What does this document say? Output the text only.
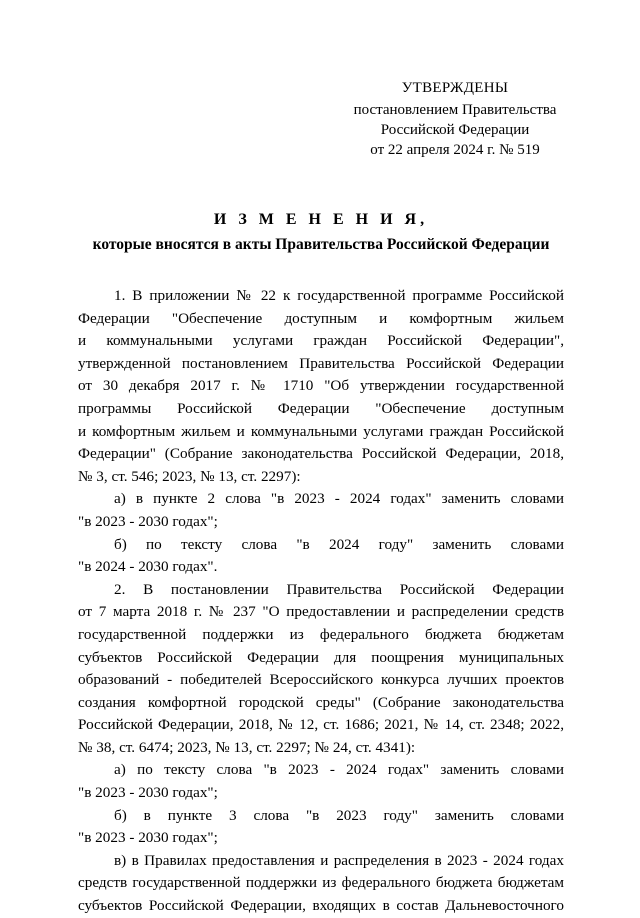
УТВЕРЖДЕНЫ
постановлением Правительства
Российской Федерации
от 22 апреля 2024 г. № 519
И З М Е Н Е Н И Я,
которые вносятся в акты Правительства Российской Федерации
1. В приложении № 22 к государственной программе Российской
Федерации "Обеспечение доступным и комфортным жильем
и коммунальными услугами граждан Российской Федерации",
утвержденной постановлением Правительства Российской Федерации
от 30 декабря 2017 г. № 1710 "Об утверждении государственной
программы Российской Федерации "Обеспечение доступным
и комфортным жильем и коммунальными услугами граждан Российской
Федерации" (Собрание законодательства Российской Федерации, 2018,
№ 3, ст. 546; 2023, № 13, ст. 2297):
а) в пункте 2 слова "в 2023 - 2024 годах" заменить словами
"в 2023 - 2030 годах";
б) по тексту слова "в 2024 году" заменить словами
"в 2024 - 2030 годах".
2. В постановлении Правительства Российской Федерации
от 7 марта 2018 г. № 237 "О предоставлении и распределении средств
государственной поддержки из федерального бюджета бюджетам
субъектов Российской Федерации для поощрения муниципальных
образований - победителей Всероссийского конкурса лучших проектов
создания комфортной городской среды" (Собрание законодательства
Российской Федерации, 2018, № 12, ст. 1686; 2021, № 14, ст. 2348; 2022,
№ 38, ст. 6474; 2023, № 13, ст. 2297; № 24, ст. 4341):
а) по тексту слова "в 2023 - 2024 годах" заменить словами
"в 2023 - 2030 годах";
б) в пункте 3 слова "в 2023 году" заменить словами
"в 2023 - 2030 годах";
в) в Правилах предоставления и распределения в 2023 - 2024 годах
средств государственной поддержки из федерального бюджета бюджетам
субъектов Российской Федерации, входящих в состав Дальневосточного
